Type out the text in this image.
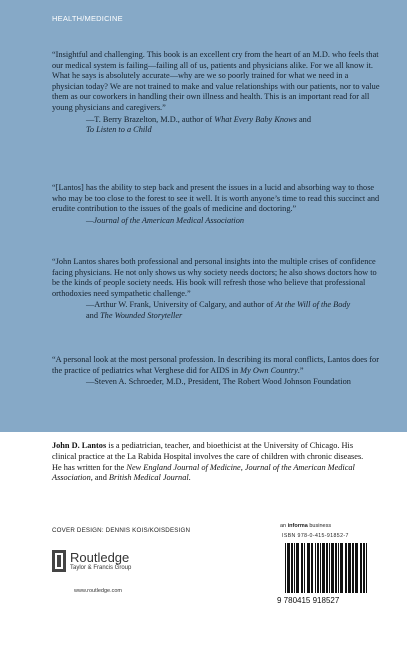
HEALTH/MEDICINE
“Insightful and challenging. This book is an excellent cry from the heart of an M.D. who feels that our medical system is failing—failing all of us, patients and physicians alike. For we all know it. What he says is absolutely accurate—why are we so poorly trained for what we need in a physician today? We are not trained to make and value relationships with our patients, nor to value them as our coworkers in handling their own illness and health. This is an important read for all young physicians and caregivers.”
—T. Berry Brazelton, M.D., author of What Every Baby Knows and
To Listen to a Child
“[Lantos] has the ability to step back and present the issues in a lucid and absorbing way to those who may be too close to the forest to see it well. It is worth anyone’s time to read this succinct and erudite contribution to the issues of the goals of medicine and doctoring.”
—Journal of the American Medical Association
“John Lantos shares both professional and personal insights into the multiple crises of confidence facing physicians. He not only shows us why society needs doctors; he also shows doctors how to be the kinds of people society needs. His book will refresh those who believe that professional orthodoxies need sympathetic challenge.”
—Arthur W. Frank, University of Calgary, and author of At the Will of the Body
and The Wounded Storyteller
“A personal look at the most personal profession. In describing its moral conflicts, Lantos does for the practice of pediatrics what Verghese did for AIDS in My Own Country.”
—Steven A. Schroeder, M.D., President, The Robert Wood Johnson Foundation
John D. Lantos is a pediatrician, teacher, and bioethicist at the University of Chicago. His clinical practice at the La Rabida Hospital involves the care of children with chronic diseases. He has written for the New England Journal of Medicine, Journal of the American Medical Association, and British Medical Journal.
COVER DESIGN: DENNIS KOIS/KOISDESIGN
Routledge
Taylor & Francis Group
www.routledge.com
an informa business
ISBN 978-0-415-91852-7
9 780415 918527
